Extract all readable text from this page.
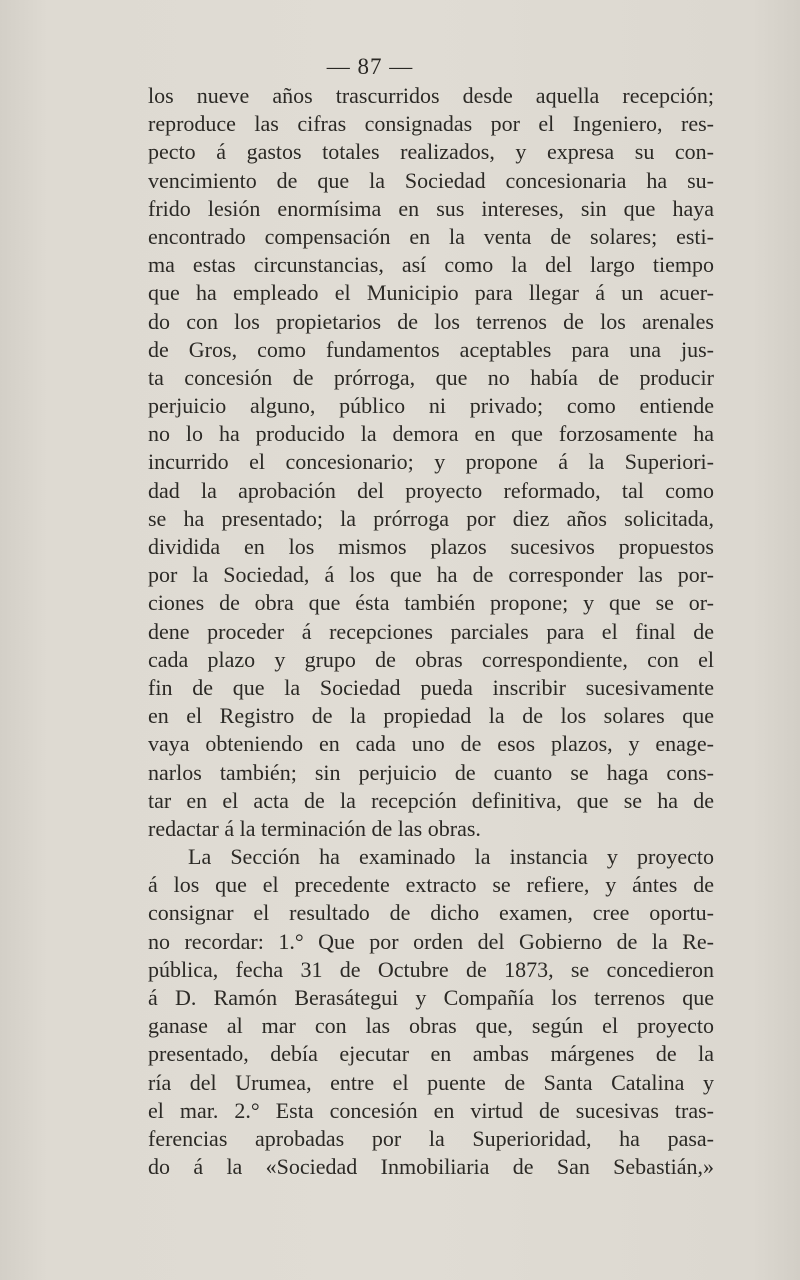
— 87 —
los nueve años trascurridos desde aquella recepción;
reproduce las cifras consignadas por el Ingeniero, res-
pecto á gastos totales realizados, y expresa su con-
vencimiento de que la Sociedad concesionaria ha su-
frido lesión enormísima en sus intereses, sin que haya
encontrado compensación en la venta de solares; esti-
ma estas circunstancias, así como la del largo tiempo
que ha empleado el Municipio para llegar á un acuer-
do con los propietarios de los terrenos de los arenales
de Gros, como fundamentos aceptables para una jus-
ta concesión de prórroga, que no había de producir
perjuicio alguno, público ni privado; como entiende
no lo ha producido la demora en que forzosamente ha
incurrido el concesionario; y propone á la Superiori-
dad la aprobación del proyecto reformado, tal como
se ha presentado; la prórroga por diez años solicitada,
dividida en los mismos plazos sucesivos propuestos
por la Sociedad, á los que ha de corresponder las por-
ciones de obra que ésta también propone; y que se or-
dene proceder á recepciones parciales para el final de
cada plazo y grupo de obras correspondiente, con el
fin de que la Sociedad pueda inscribir sucesivamente
en el Registro de la propiedad la de los solares que
vaya obteniendo en cada uno de esos plazos, y enage-
narlos también; sin perjuicio de cuanto se haga cons-
tar en el acta de la recepción definitiva, que se ha de
redactar á la terminación de las obras.
La Sección ha examinado la instancia y proyecto
á los que el precedente extracto se refiere, y ántes de
consignar el resultado de dicho examen, cree oportu-
no recordar: 1.° Que por orden del Gobierno de la Re-
pública, fecha 31 de Octubre de 1873, se concedieron
á D. Ramón Berasátegui y Compañía los terrenos que
ganase al mar con las obras que, según el proyecto
presentado, debía ejecutar en ambas márgenes de la
ría del Urumea, entre el puente de Santa Catalina y
el mar. 2.° Esta concesión en virtud de sucesivas tras-
ferencias aprobadas por la Superioridad, ha pasa-
do á la «Sociedad Inmobiliaria de San Sebastián,»
